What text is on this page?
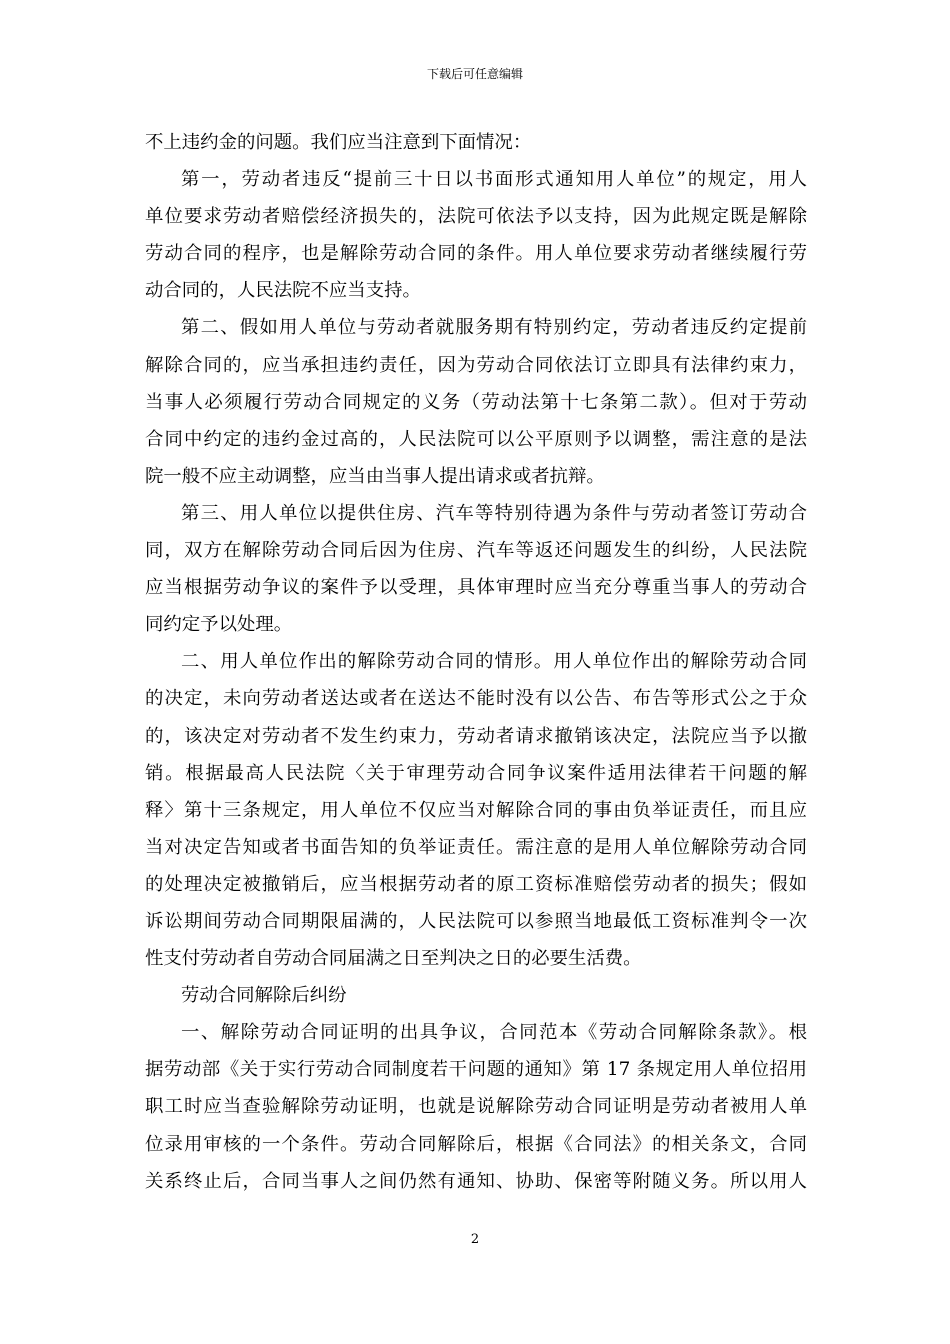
下载后可任意编辑
不上违约金的问题。我们应当注意到下面情况：
第一，劳动者违反“提前三十日以书面形式通知用人单位”的规定，用人
单位要求劳动者赔偿经济损失的，法院可依法予以支持，因为此规定既是解除
劳动合同的程序，也是解除劳动合同的条件。用人单位要求劳动者继续履行劳
动合同的，人民法院不应当支持。
第二、假如用人单位与劳动者就服务期有特别约定，劳动者违反约定提前
解除合同的，应当承担违约责任，因为劳动合同依法订立即具有法律约束力，
当事人必须履行劳动合同规定的义务（劳动法第十七条第二款）。但对于劳动
合同中约定的违约金过高的，人民法院可以公平原则予以调整，需注意的是法
院一般不应主动调整，应当由当事人提出请求或者抗辩。
第三、用人单位以提供住房、汽车等特别待遇为条件与劳动者签订劳动合
同，双方在解除劳动合同后因为住房、汽车等返还问题发生的纠纷，人民法院
应当根据劳动争议的案件予以受理，具体审理时应当充分尊重当事人的劳动合
同约定予以处理。
二、用人单位作出的解除劳动合同的情形。用人单位作出的解除劳动合同
的决定，未向劳动者送达或者在送达不能时没有以公告、布告等形式公之于众
的，该决定对劳动者不发生约束力，劳动者请求撤销该决定，法院应当予以撤
销。根据最高人民法院〈关于审理劳动合同争议案件适用法律若干问题的解
释〉第十三条规定，用人单位不仅应当对解除合同的事由负举证责任，而且应
当对决定告知或者书面告知的负举证责任。需注意的是用人单位解除劳动合同
的处理决定被撤销后，应当根据劳动者的原工资标准赔偿劳动者的损失；假如
诉讼期间劳动合同期限届满的，人民法院可以参照当地最低工资标准判令一次
性支付劳动者自劳动合同届满之日至判决之日的必要生活费。
劳动合同解除后纠纷
一、解除劳动合同证明的出具争议，合同范本《劳动合同解除条款》。根
据劳动部《关于实行劳动合同制度若干问题的通知》第 17 条规定用人单位招用
职工时应当查验解除劳动证明，也就是说解除劳动合同证明是劳动者被用人单
位录用审核的一个条件。劳动合同解除后，根据《合同法》的相关条文，合同
关系终止后，合同当事人之间仍然有通知、协助、保密等附随义务。所以用人
2
